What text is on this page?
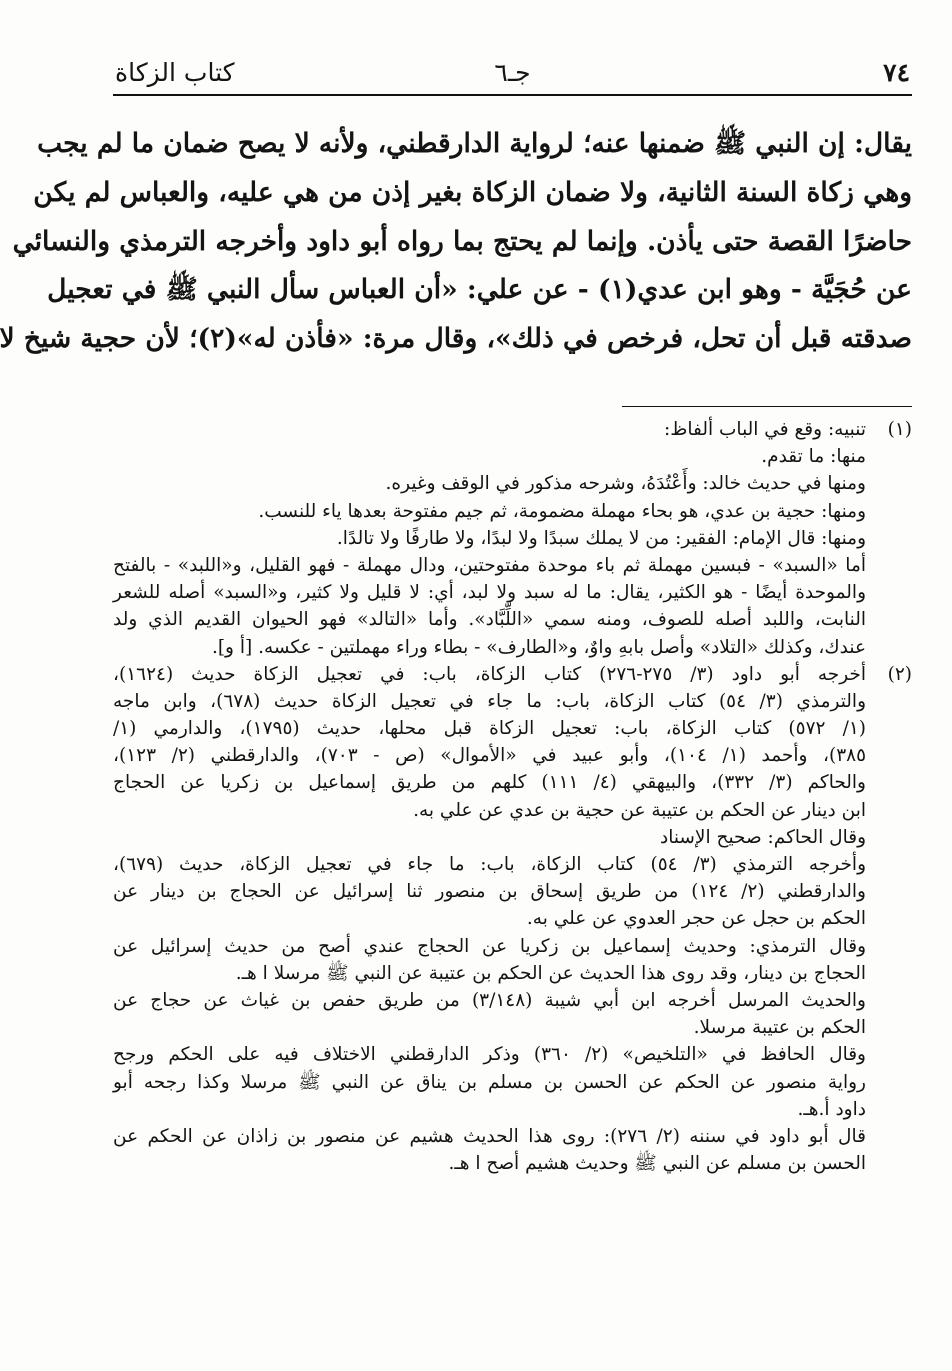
٧٤
جـ٦
كتاب الزكاة
يقال: إن النبي ﷺ ضمنها عنه؛ لرواية الدارقطني، ولأنه لا يصح ضمان ما لم يجب
وهي زكاة السنة الثانية، ولا ضمان الزكاة بغير إذن من هي عليه، والعباس لم يكن
حاضرًا القصة حتى يأذن. وإنما لم يحتج بما رواه أبو داود وأخرجه الترمذي والنسائي
عن حُجَيَّة - وهو ابن عدي(١) - عن علي: «أن العباس سأل النبي ﷺ في تعجيل
صدقته قبل أن تحل، فرخص في ذلك»، وقال مرة: «فأذن له»(٢)؛ لأن حجية شيخ لا
(١)
تنبيه: وقع في الباب ألفاظ:
منها: ما تقدم.
ومنها في حديث خالد: وأَعْتُدَهُ، وشرحه مذكور في الوقف وغيره.
ومنها: حجية بن عدي، هو بحاء مهملة مضمومة، ثم جيم مفتوحة بعدها ياء للنسب.
ومنها: قال الإمام: الفقير: من لا يملك سبدًا ولا لبدًا، ولا طارفًا ولا تالدًا.
أما «السبد» - فبسين مهملة ثم باء موحدة مفتوحتين، ودال مهملة - فهو القليل، و«اللبد» - بالفتح
والموحدة أيضًا - هو الكثير، يقال: ما له سبد ولا لبد، أي: لا قليل ولا كثير، و«السبد» أصله للشعر
النابت، واللبد أصله للصوف، ومنه سمي «اللِّبَّاد». وأما «التالد» فهو الحيوان القديم الذي ولد
عندك، وكذلك «التلاد» وأصل بابهِ واوٌ، و«الطارف» - بطاء وراء مهملتين - عكسه. [أ و].
(٢)
أخرجه أبو داود (٣/ ٢٧٥-٢٧٦) كتاب الزكاة، باب: في تعجيل الزكاة حديث (١٦٢٤)،
والترمذي (٣/ ٥٤) كتاب الزكاة، باب: ما جاء في تعجيل الزكاة حديث (٦٧٨)، وابن ماجه
(١/ ٥٧٢) كتاب الزكاة، باب: تعجيل الزكاة قبل محلها، حديث (١٧٩٥)، والدارمي (١/
٣٨٥)، وأحمد (١/ ١٠٤)، وأبو عبيد في «الأموال» (ص - ٧٠٣)، والدارقطني (٢/ ١٢٣)،
والحاكم (٣/ ٣٣٢)، والبيهقي (٤/ ١١١) كلهم من طريق إسماعيل بن زكريا عن الحجاج
ابن دينار عن الحكم بن عتيبة عن حجية بن عدي عن علي به.
وقال الحاكم: صحيح الإسناد
وأخرجه الترمذي (٣/ ٥٤) كتاب الزكاة، باب: ما جاء في تعجيل الزكاة، حديث (٦٧٩)،
والدارقطني (٢/ ١٢٤) من طريق إسحاق بن منصور ثنا إسرائيل عن الحجاج بن دينار عن
الحكم بن حجل عن حجر العدوي عن علي به.
وقال الترمذي: وحديث إسماعيل بن زكريا عن الحجاج عندي أصح من حديث إسرائيل عن
الحجاج بن دينار، وقد روى هذا الحديث عن الحكم بن عتيبة عن النبي ﷺ مرسلا ا هـ.
والحديث المرسل أخرجه ابن أبي شيبة (٣/١٤٨) من طريق حفص بن غياث عن حجاج عن
الحكم بن عتيبة مرسلا.
وقال الحافظ في «التلخيص» (٢/ ٣٦٠) وذكر الدارقطني الاختلاف فيه على الحكم ورجح
رواية منصور عن الحكم عن الحسن بن مسلم بن يناق عن النبي ﷺ مرسلا وكذا رجحه أبو
داود أ.هـ.
قال أبو داود في سننه (٢/ ٢٧٦): روى هذا الحديث هشيم عن منصور بن زاذان عن الحكم عن
الحسن بن مسلم عن النبي ﷺ وحديث هشيم أصح ا هـ.
